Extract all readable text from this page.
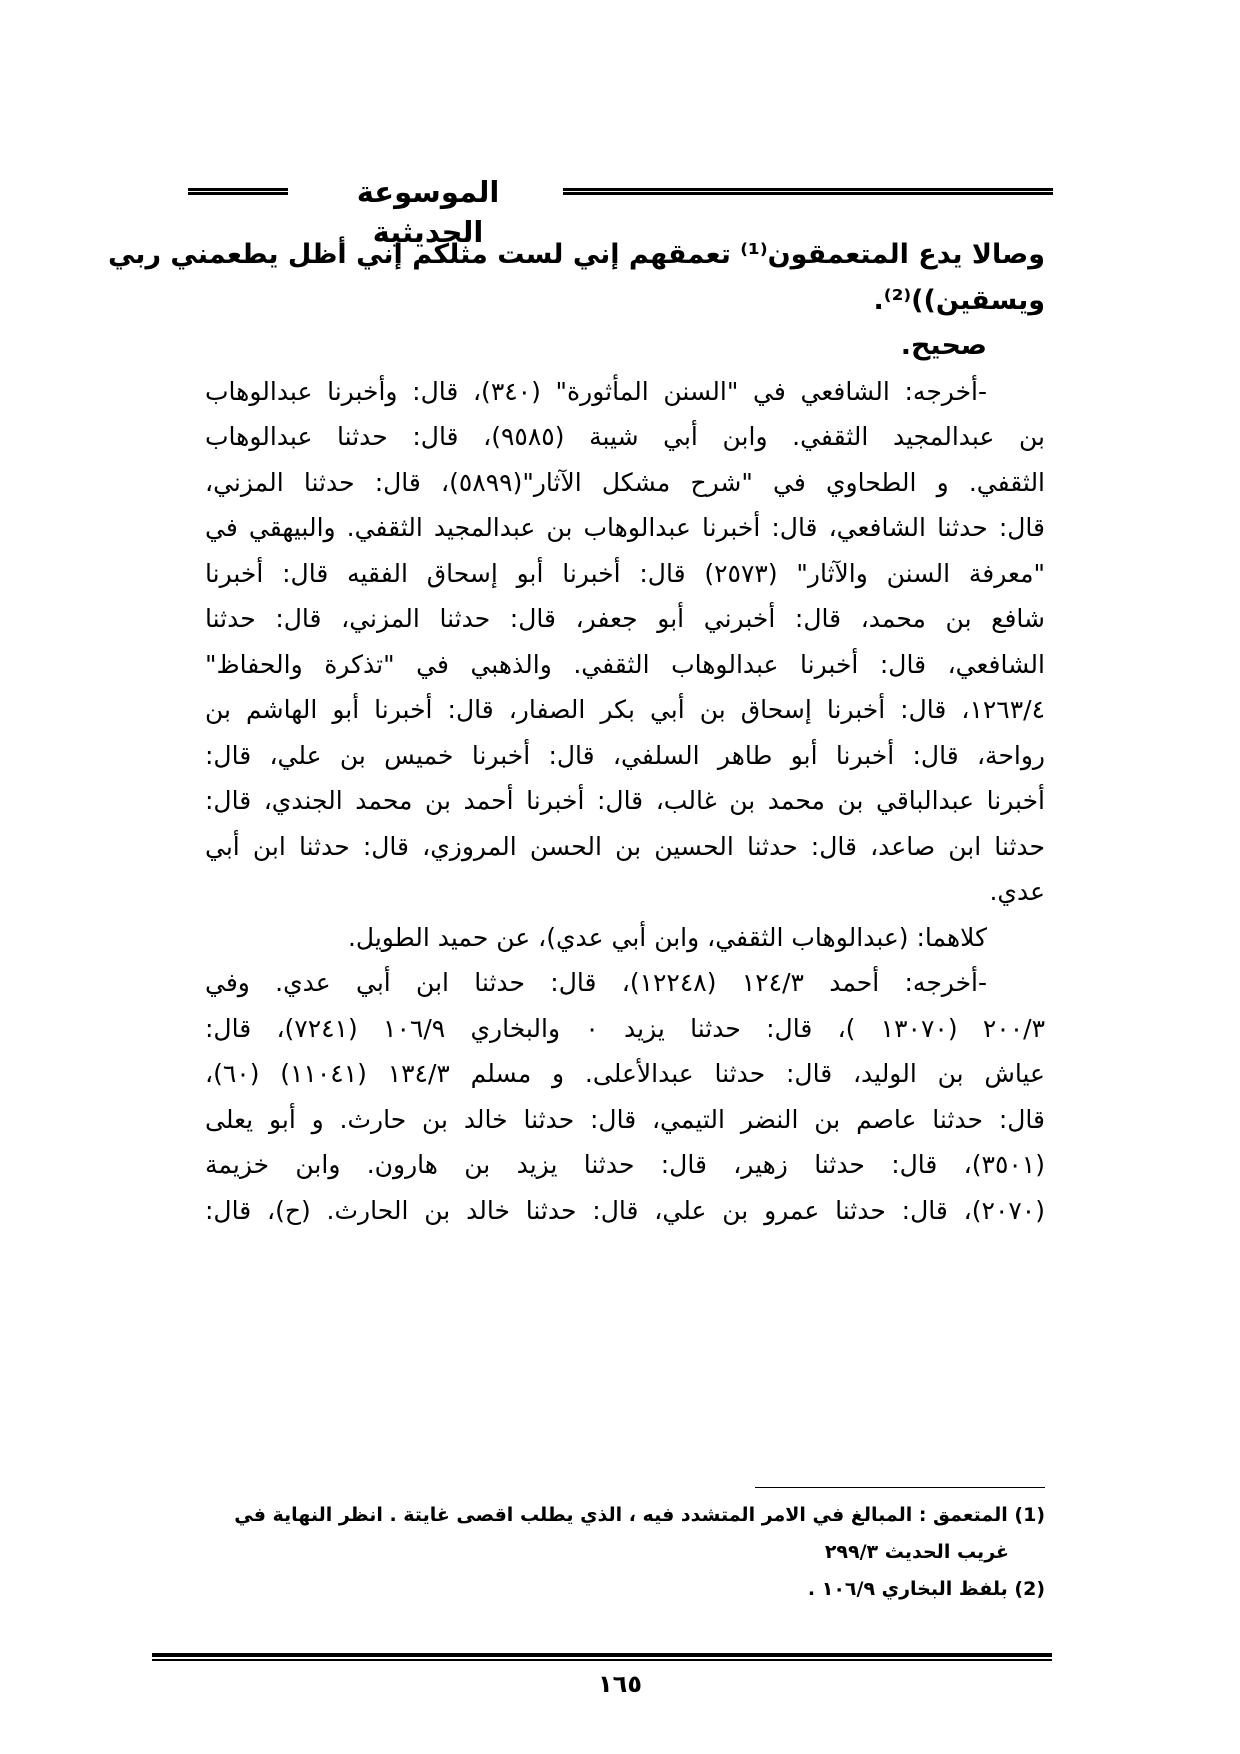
الموسوعة الحديثية
وصالا يدع المتعمقون⁽¹⁾ تعمقهم إني لست مثلكم إني أظل يطعمني ربي
ويسقين))⁽²⁾.
صحيح.
-أخرجه: الشافعي في "السنن المأثورة" (٣٤٠)، قال: وأخبرنا عبدالوهاب
بن عبدالمجيد الثقفي. وابن أبي شيبة (٩٥٨٥)، قال: حدثنا عبدالوهاب
الثقفي. و الطحاوي في "شرح مشكل الآثار"(٥٨٩٩)، قال: حدثنا المزني،
قال: حدثنا الشافعي، قال: أخبرنا عبدالوهاب بن عبدالمجيد الثقفي. والبيهقي في
"معرفة السنن والآثار" (٢٥٧٣) قال: أخبرنا أبو إسحاق الفقيه قال: أخبرنا
شافع بن محمد، قال: أخبرني أبو جعفر، قال: حدثنا المزني، قال: حدثنا
الشافعي، قال: أخبرنا عبدالوهاب الثقفي. والذهبي في "تذكرة والحفاظ"
١٢٦٣/٤، قال: أخبرنا إسحاق بن أبي بكر الصفار، قال: أخبرنا أبو الهاشم بن
رواحة، قال: أخبرنا أبو طاهر السلفي، قال: أخبرنا خميس بن علي، قال:
أخبرنا عبدالباقي بن محمد بن غالب، قال: أخبرنا أحمد بن محمد الجندي، قال:
حدثنا ابن صاعد، قال: حدثنا الحسين بن الحسن المروزي، قال: حدثنا ابن أبي
عدي.
كلاهما: (عبدالوهاب الثقفي، وابن أبي عدي)، عن حميد الطويل.
-أخرجه: أحمد ١٢٤/٣ (١٢٢٤٨)، قال: حدثنا ابن أبي عدي. وفي
٢٠٠/٣ (١٣٠٧٠ )، قال: حدثنا يزيد ٠ والبخاري ١٠٦/٩ (٧٢٤١)، قال:
عياش بن الوليد، قال: حدثنا عبدالأعلى. و مسلم ١٣٤/٣ (١١٠٤١) (٦٠)،
قال: حدثنا عاصم بن النضر التيمي، قال: حدثنا خالد بن حارث. و أبو يعلى
(٣٥٠١)، قال: حدثنا زهير، قال: حدثنا يزيد بن هارون. وابن خزيمة
(٢٠٧٠)، قال: حدثنا عمرو بن علي، قال: حدثنا خالد بن الحارث. (ح)، قال:
(1) المتعمق : المبالغ في الامر المتشدد فيه ، الذي يطلب اقصى غايتة . انظر النهاية في
غريب الحديث ٢٩٩/٣
(2) بلفظ البخاري ١٠٦/٩ .
١٦٥
